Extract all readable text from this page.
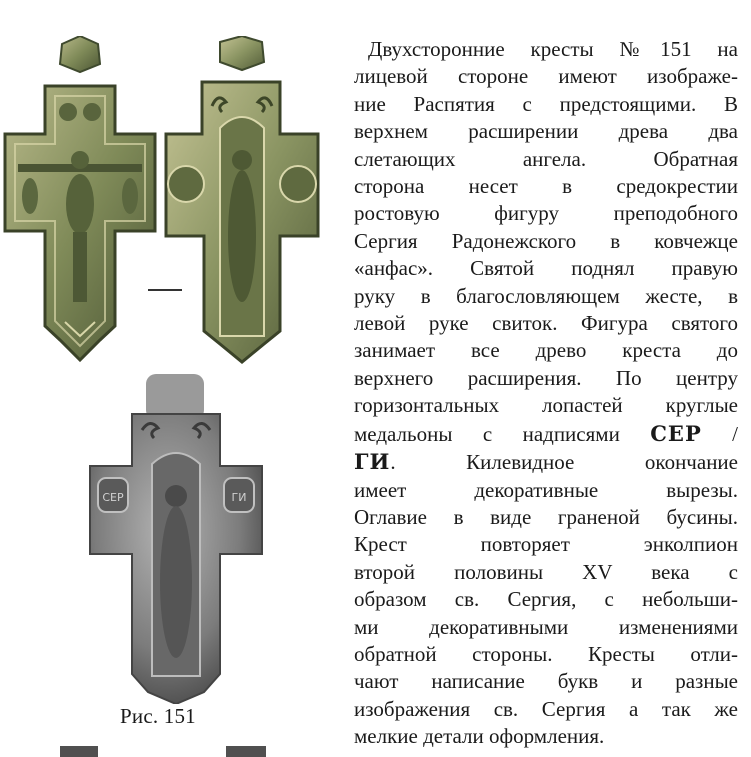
СЕР	ГИ
Рис. 151
Двухсторонние кресты №151 на
лицевой стороне имеют изображе-
ние Распятия с предстоящими. В
верхнем расширении древа два
слетающих ангела. Обратная
сторона несет в средокрестии
ростовую фигуру преподобного
Сергия Радонежского в ковчежце
«анфас». Святой поднял правую
руку в благословляющем жесте, в
левой руке свиток. Фигура святого
занимает все древо креста до
верхнего расширения. По центру
горизонтальных лопастей круглые
медальоны с надписями СЕР /
ГИ. Килевидное окончание
имеет декоративные вырезы.
Оглавие в виде граненой бусины.
Крест повторяет энколпион
второй половины XV века с
образом св. Сергия, с небольши-
ми декоративными изменениями
обратной стороны. Кресты отли-
чают написание букв и разные
изображения св. Сергия а так же
мелкие детали оформления.
